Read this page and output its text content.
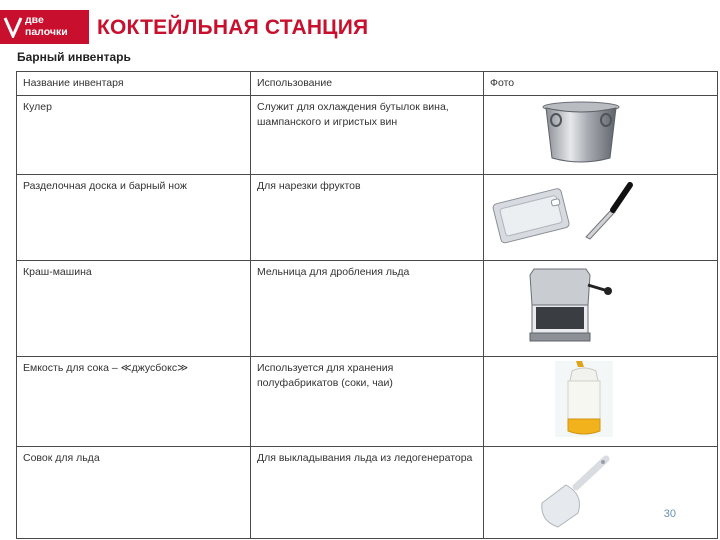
две
палочки КОКТЕЙЛЬНАЯ СТАНЦИЯ
Барный инвентарь
Название инвентаря	Использование	Фото
Кулер	Служит для охлаждения бутылок вина, шампанского и игристых вин	
Разделочная доска и барный нож	Для нарезки фруктов	
Краш-машина	Мельница для дробления льда	
Емкость для сока – ≪джусбокс≫	Используется для хранения полуфабрикатов (соки, чаи)	
Совок для льда	Для выкладывания льда из ледогенератора	
30
